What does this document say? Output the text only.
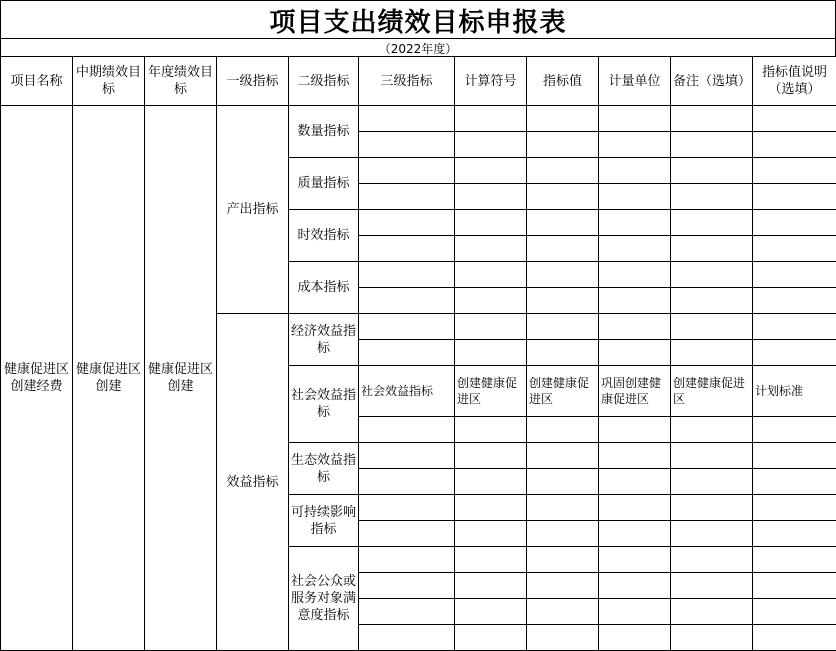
项目支出绩效目标申报表
（2022年度）
项目名称	中期绩效目标	年度绩效目标	一级指标	二级指标	三级指标	计算符号	指标值	计量单位	备注（选填）	指标值说明（选填）
健康促进区创建经费	健康促进区创建	健康促进区创建	产出指标	数量指标						

				质量指标						

				时效指标						

				成本指标						

			效益指标	经济效益指标						

				社会效益指标	社会效益指标	创建健康促进区	创建健康促进区	巩固创建健康促进区	创建健康促进区	计划标准

				生态效益指标						

				可持续影响指标						

				社会公众或服务对象满意度指标						
